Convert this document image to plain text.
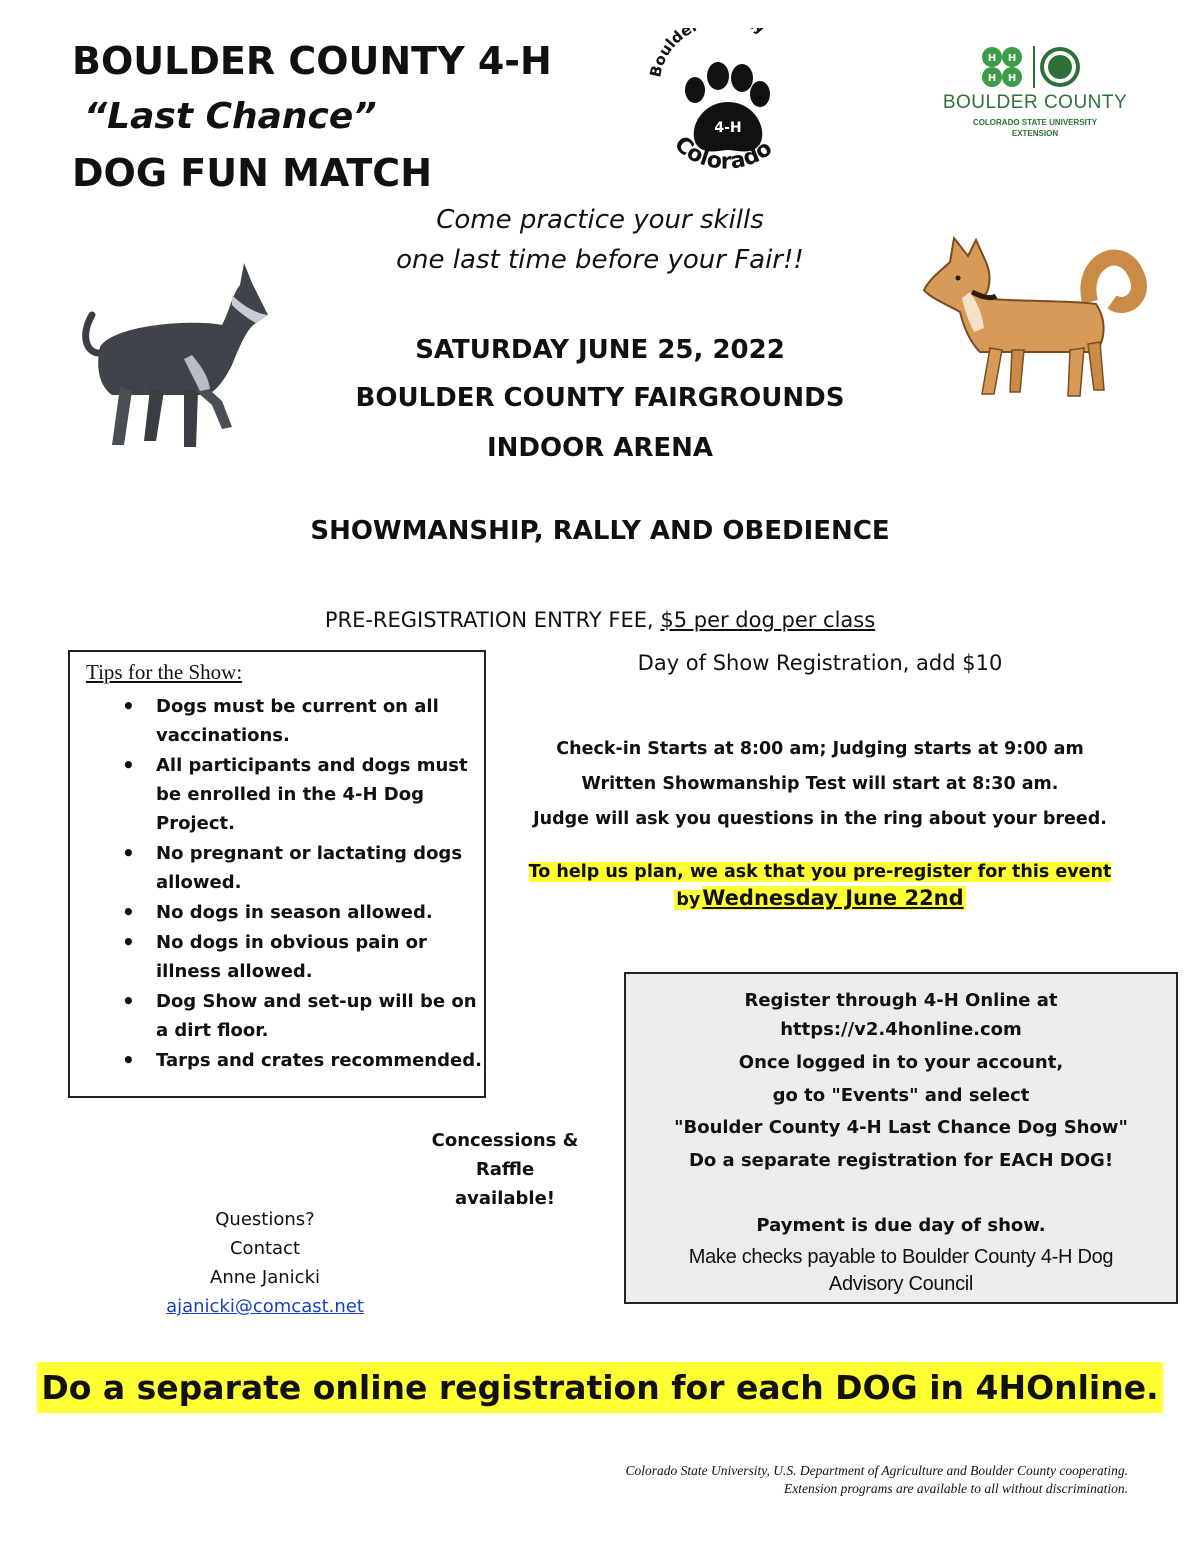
BOULDER COUNTY 4-H
“Last Chance”
DOG FUN MATCH
Boulde
4-H
Colorado
H H
H H
BOULDER COUNTY
COLORADO STATE UNIVERSITY
EXTENSION
Come practice your skills
one last time before your Fair!!
SATURDAY JUNE 25, 2022
BOULDER COUNTY FAIRGROUNDS
INDOOR ARENA
SHOWMANSHIP, RALLY AND OBEDIENCE
PRE-REGISTRATION ENTRY FEE, $5 per dog per class
Day of Show Registration, add $10
Tips for the Show:
• Dogs must be current on all vaccinations.
• All participants and dogs must be enrolled in the 4-H Dog Project.
• No pregnant or lactating dogs allowed.
• No dogs in season allowed.
• No dogs in obvious pain or illness allowed.
• Dog Show and set-up will be on a dirt floor.
• Tarps and crates recommended.
Check-in Starts at 8:00 am; Judging starts at 9:00 am
Written Showmanship Test will start at 8:30 am.
Judge will ask you questions in the ring about your breed.
To help us plan, we ask that you pre-register for this event
byWednesday June 22nd
Register through 4-H Online at
https://v2.4honline.com
Once logged in to your account,
go to "Events" and select
"Boulder County 4-H Last Chance Dog Show"
Do a separate registration for EACH DOG!
Payment is due day of show.
Make checks payable to Boulder County 4-H Dog
Advisory Council
Concessions &
Raffle
available!
Questions?
Contact
Anne Janicki
ajanicki@comcast.net
Do a separate online registration for each DOG in 4HOnline.
Colorado State University, U.S. Department of Agriculture and Boulder County cooperating.
Extension programs are available to all without discrimination.
